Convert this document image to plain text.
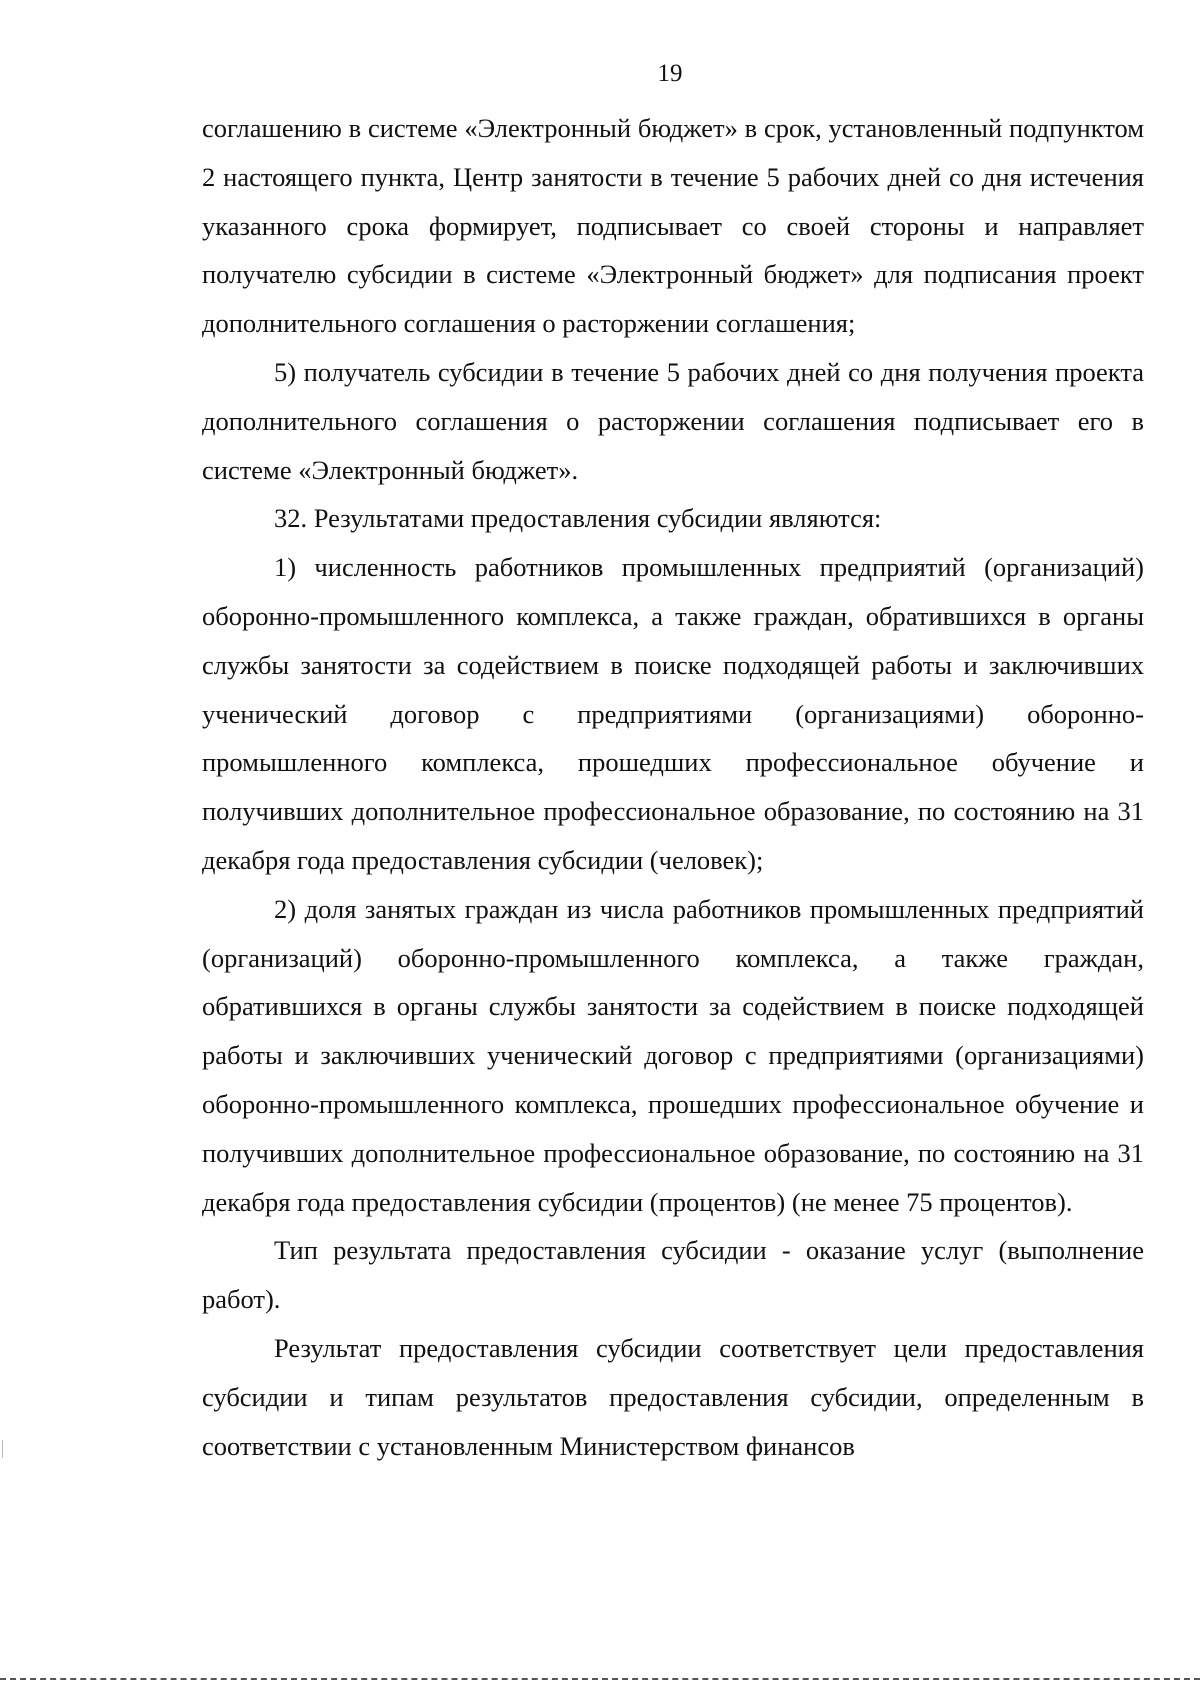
19

соглашению в системе «Электронный бюджет» в срок, установленный подпунктом 2 настоящего пункта, Центр занятости в течение 5 рабочих дней со дня истечения указанного срока формирует, подписывает со своей стороны и направляет получателю субсидии в системе «Электронный бюджет» для подписания проект дополнительного соглашения о расторжении соглашения;

5) получатель субсидии в течение 5 рабочих дней со дня получения проекта дополнительного соглашения о расторжении соглашения подписывает его в системе «Электронный бюджет».

32. Результатами предоставления субсидии являются:

1) численность работников промышленных предприятий (организаций) оборонно-промышленного комплекса, а также граждан, обратившихся в органы службы занятости за содействием в поиске подходящей работы и заключивших ученический договор с предприятиями (организациями) оборонно-промышленного комплекса, прошедших профессиональное обучение и получивших дополнительное профессиональное образование, по состоянию на 31 декабря года предоставления субсидии (человек);

2) доля занятых граждан из числа работников промышленных предприятий (организаций) оборонно-промышленного комплекса, а также граждан, обратившихся в органы службы занятости за содействием в поиске подходящей работы и заключивших ученический договор с предприятиями (организациями) оборонно-промышленного комплекса, прошедших профессиональное обучение и получивших дополнительное профессиональное образование, по состоянию на 31 декабря года предоставления субсидии (процентов) (не менее 75 процентов).

Тип результата предоставления субсидии - оказание услуг (выполнение работ).

Результат предоставления субсидии соответствует цели предоставления субсидии и типам результатов предоставления субсидии, определенным в соответствии с установленным Министерством финансов
